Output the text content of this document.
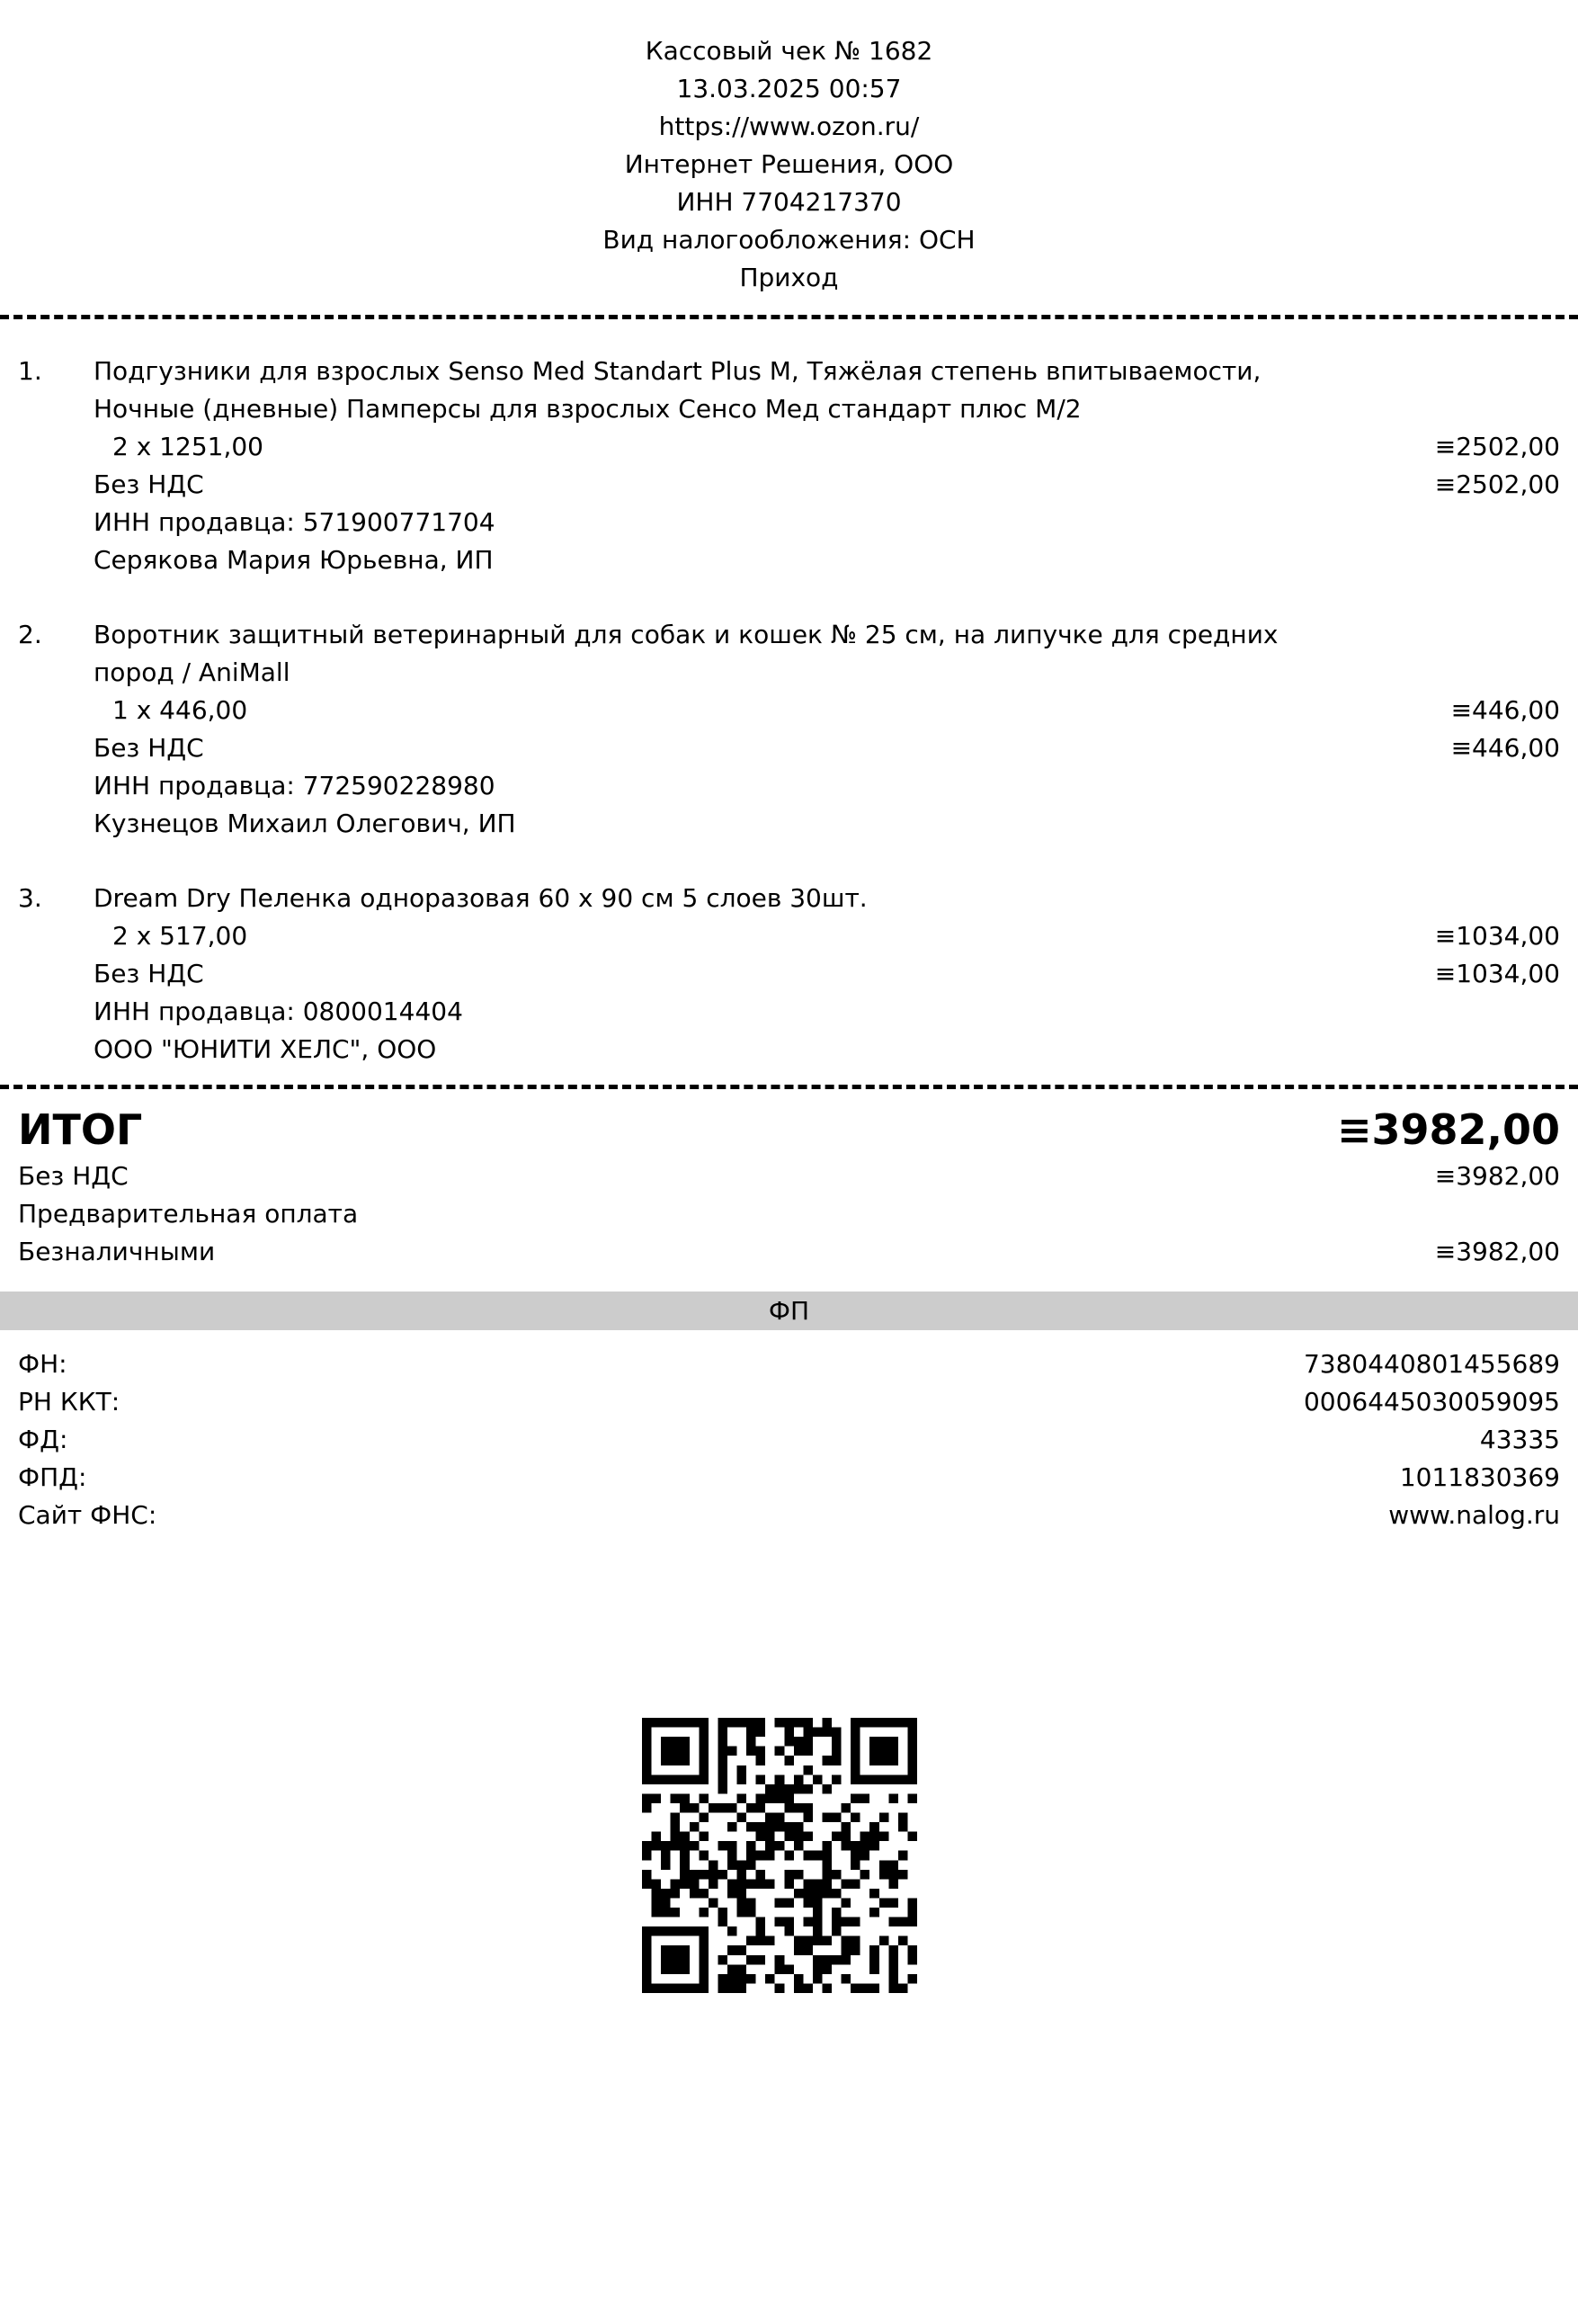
Кассовый чек № 1682
13.03.2025 00:57
https://www.ozon.ru/
Интернет Решения, ООО
ИНН 7704217370
Вид налогообложения: ОСН
Приход
1. Подгузники для взрослых Senso Med Standart Plus M, Тяжёлая степень впитываемости,
Ночные (дневные) Памперсы для взрослых Сенсо Мед стандарт плюс M/2
2 x 1251,00	≡2502,00
Без НДС	≡2502,00
ИНН продавца: 571900771704
Серякова Мария Юрьевна, ИП
2. Воротник защитный ветеринарный для собак и кошек № 25 см, на липучке для средних
пород / AniMall
1 x 446,00	≡446,00
Без НДС	≡446,00
ИНН продавца: 772590228980
Кузнецов Михаил Олегович, ИП
3. Dream Dry Пеленка одноразовая 60 х 90 см 5 слоев 30шт.
2 x 517,00	≡1034,00
Без НДС	≡1034,00
ИНН продавца: 0800014404
ООО "ЮНИТИ ХЕЛС", ООО
ИТОГ	≡3982,00
Без НДС	≡3982,00
Предварительная оплата
Безналичными	≡3982,00
ФП
ФН:	7380440801455689
РН ККТ:	0006445030059095
ФД:	43335
ФПД:	1011830369
Сайт ФНС:	www.nalog.ru
